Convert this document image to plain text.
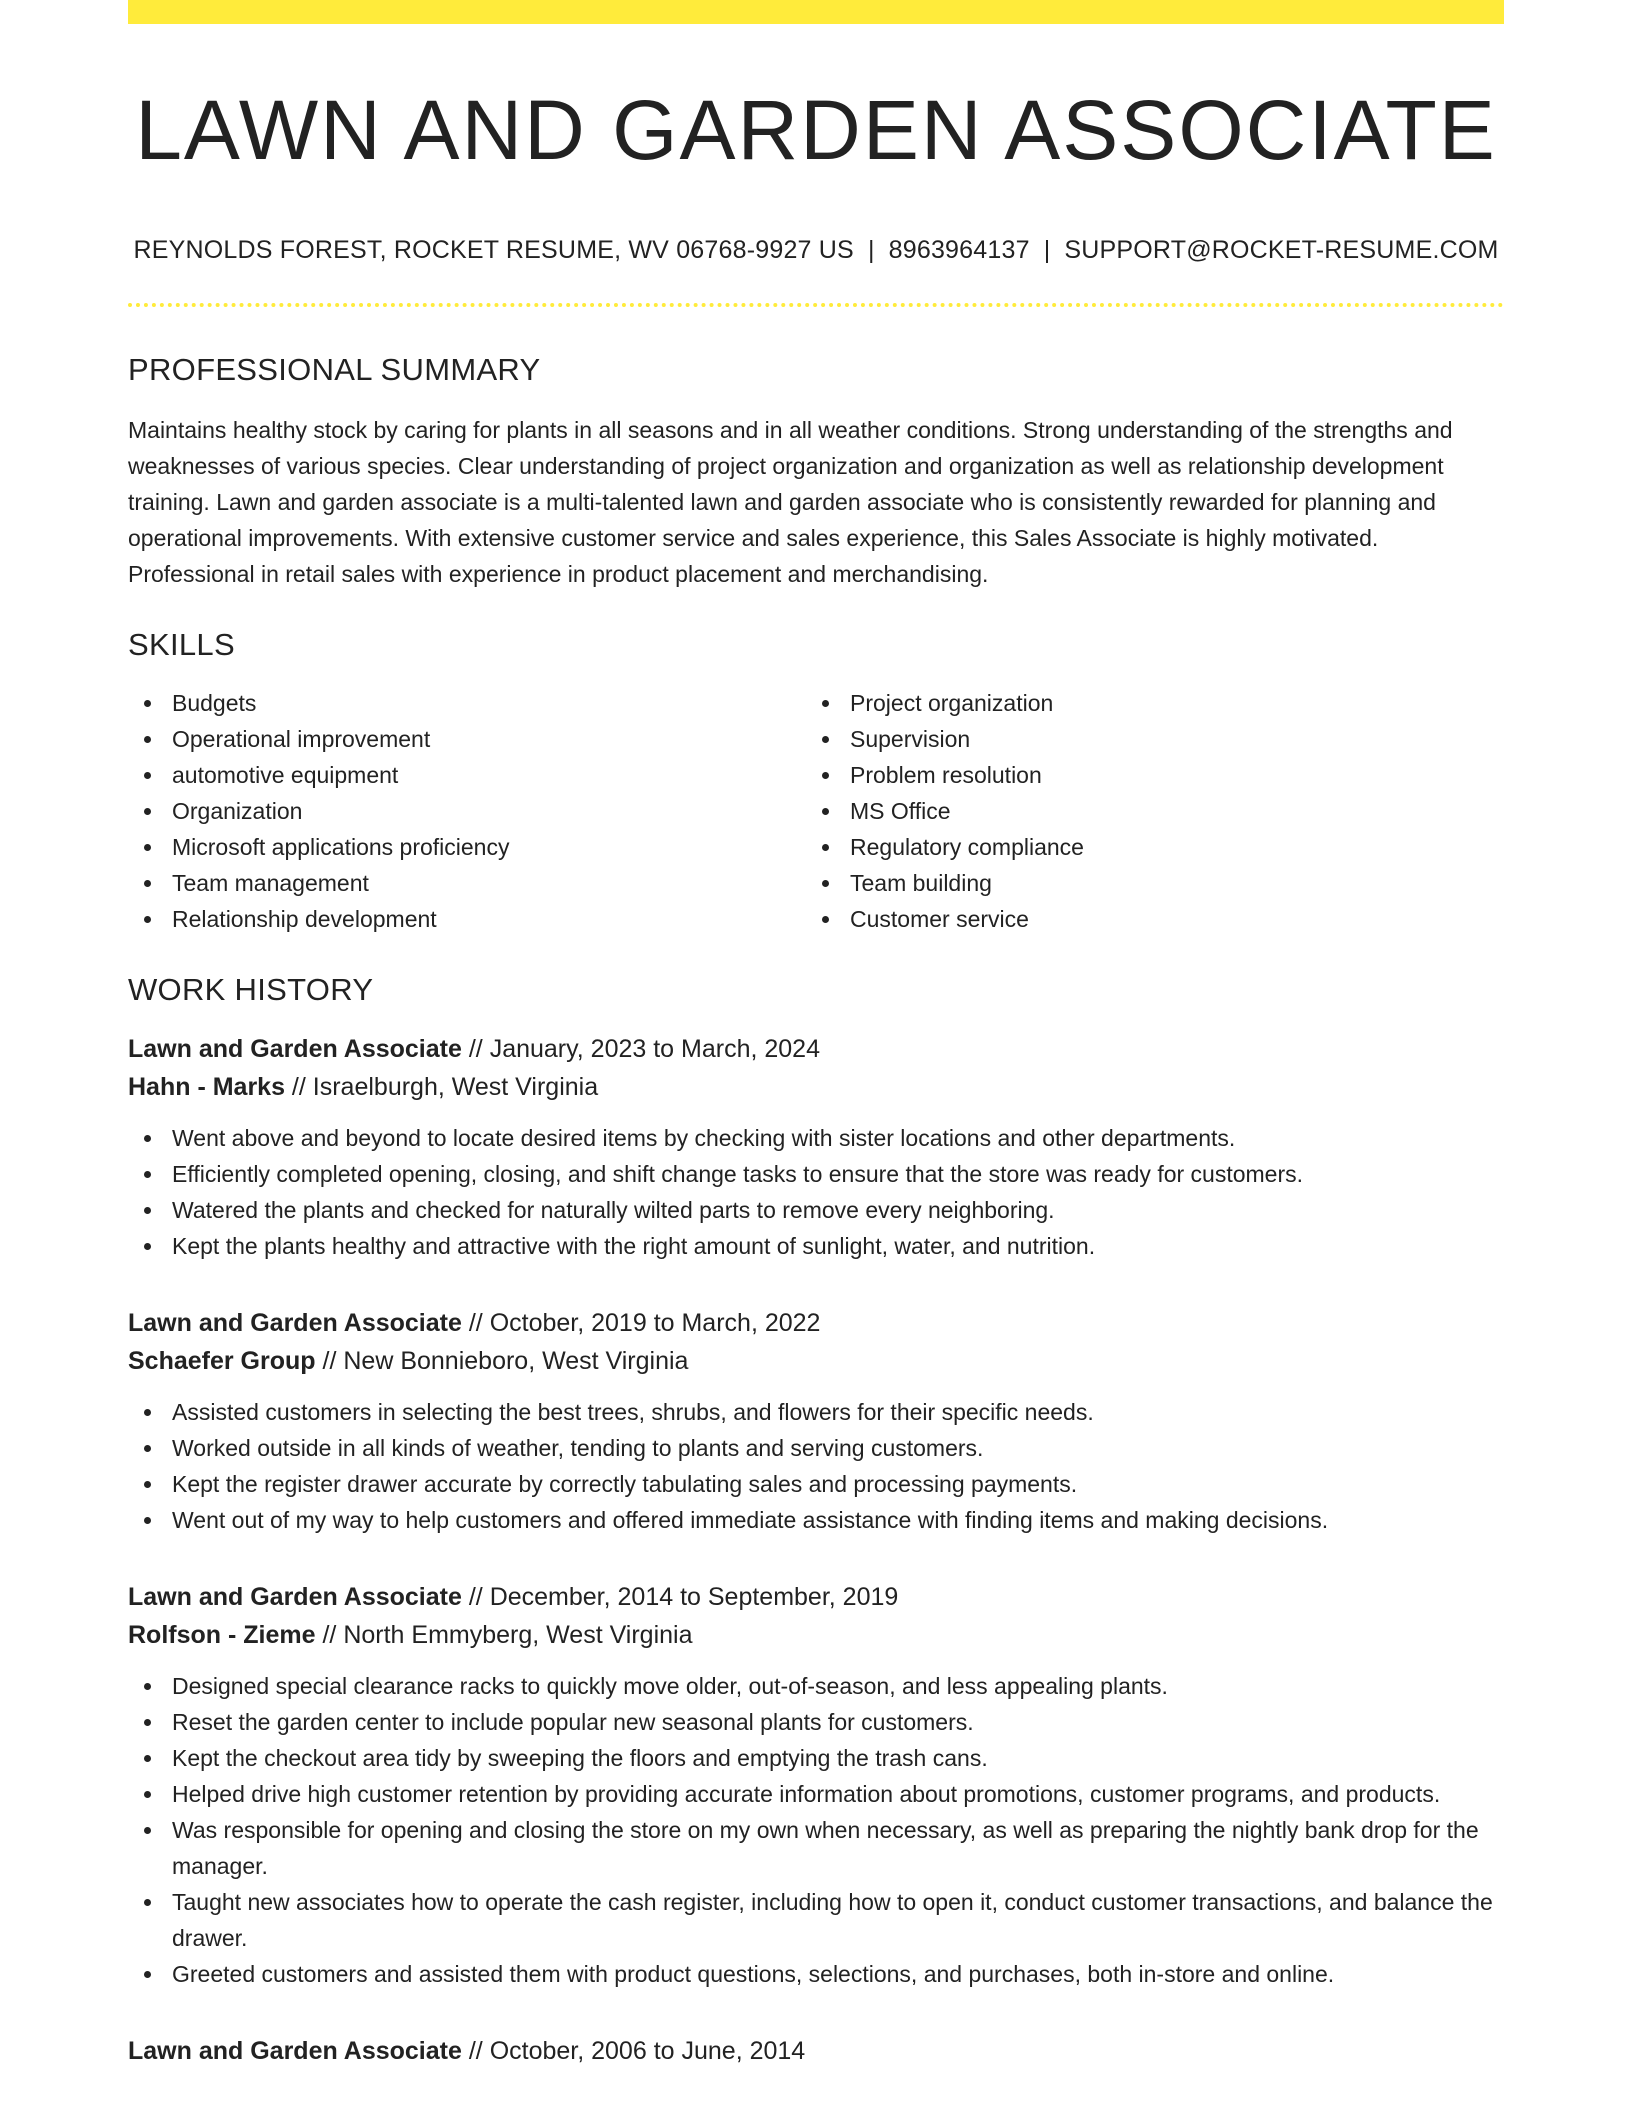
LAWN AND GARDEN ASSOCIATE
REYNOLDS FOREST, ROCKET RESUME, WV 06768-9927 US | 8963964137 | SUPPORT@ROCKET-RESUME.COM
PROFESSIONAL SUMMARY
Maintains healthy stock by caring for plants in all seasons and in all weather conditions. Strong understanding of the strengths and weaknesses of various species. Clear understanding of project organization and organization as well as relationship development training. Lawn and garden associate is a multi-talented lawn and garden associate who is consistently rewarded for planning and operational improvements. With extensive customer service and sales experience, this Sales Associate is highly motivated. Professional in retail sales with experience in product placement and merchandising.
SKILLS
Budgets
Operational improvement
automotive equipment
Organization
Microsoft applications proficiency
Team management
Relationship development
Project organization
Supervision
Problem resolution
MS Office
Regulatory compliance
Team building
Customer service
WORK HISTORY
Lawn and Garden Associate // January, 2023 to March, 2024
Hahn - Marks // Israelburgh, West Virginia
Went above and beyond to locate desired items by checking with sister locations and other departments.
Efficiently completed opening, closing, and shift change tasks to ensure that the store was ready for customers.
Watered the plants and checked for naturally wilted parts to remove every neighboring.
Kept the plants healthy and attractive with the right amount of sunlight, water, and nutrition.
Lawn and Garden Associate // October, 2019 to March, 2022
Schaefer Group // New Bonnieboro, West Virginia
Assisted customers in selecting the best trees, shrubs, and flowers for their specific needs.
Worked outside in all kinds of weather, tending to plants and serving customers.
Kept the register drawer accurate by correctly tabulating sales and processing payments.
Went out of my way to help customers and offered immediate assistance with finding items and making decisions.
Lawn and Garden Associate // December, 2014 to September, 2019
Rolfson - Zieme // North Emmyberg, West Virginia
Designed special clearance racks to quickly move older, out-of-season, and less appealing plants.
Reset the garden center to include popular new seasonal plants for customers.
Kept the checkout area tidy by sweeping the floors and emptying the trash cans.
Helped drive high customer retention by providing accurate information about promotions, customer programs, and products.
Was responsible for opening and closing the store on my own when necessary, as well as preparing the nightly bank drop for the manager.
Taught new associates how to operate the cash register, including how to open it, conduct customer transactions, and balance the drawer.
Greeted customers and assisted them with product questions, selections, and purchases, both in-store and online.
Lawn and Garden Associate // October, 2006 to June, 2014
